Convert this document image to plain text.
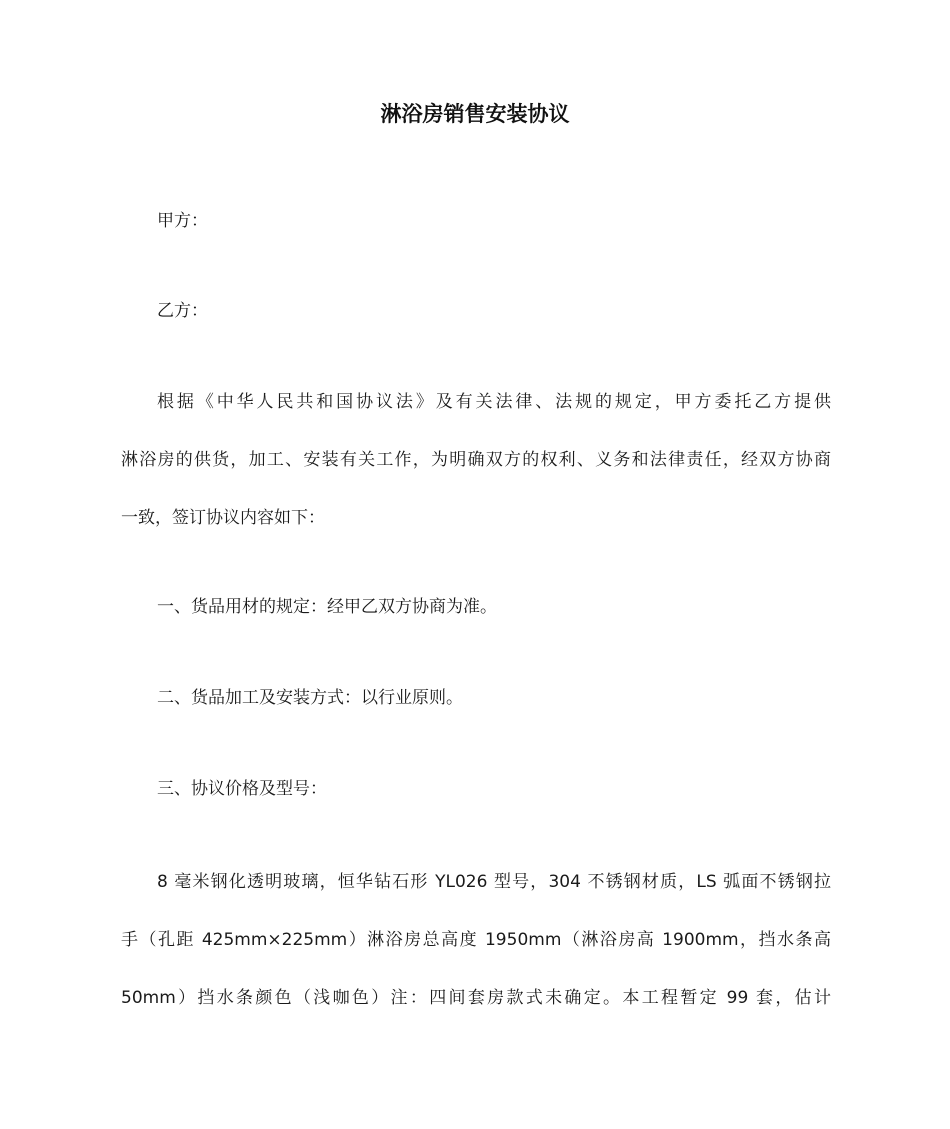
淋浴房销售安装协议

甲方：

乙方：

根据《中华人民共和国协议法》及有关法律、法规的规定，甲方委托乙方提供
淋浴房的供货，加工、安装有关工作，为明确双方的权利、义务和法律责任，经双方协商
一致，签订协议内容如下：

一、货品用材的规定：经甲乙双方协商为准。

二、货品加工及安装方式：以行业原则。

三、协议价格及型号：

8 毫米钢化透明玻璃，恒华钻石形 YL026 型号，304 不锈钢材质，LS 弧面不锈钢拉
手（孔距 425mm×225mm）淋浴房总高度 1950mm（淋浴房高 1900mm，挡水条高
50mm）挡水条颜色（浅咖色）注：四间套房款式未确定。本工程暂定 99 套，估计
